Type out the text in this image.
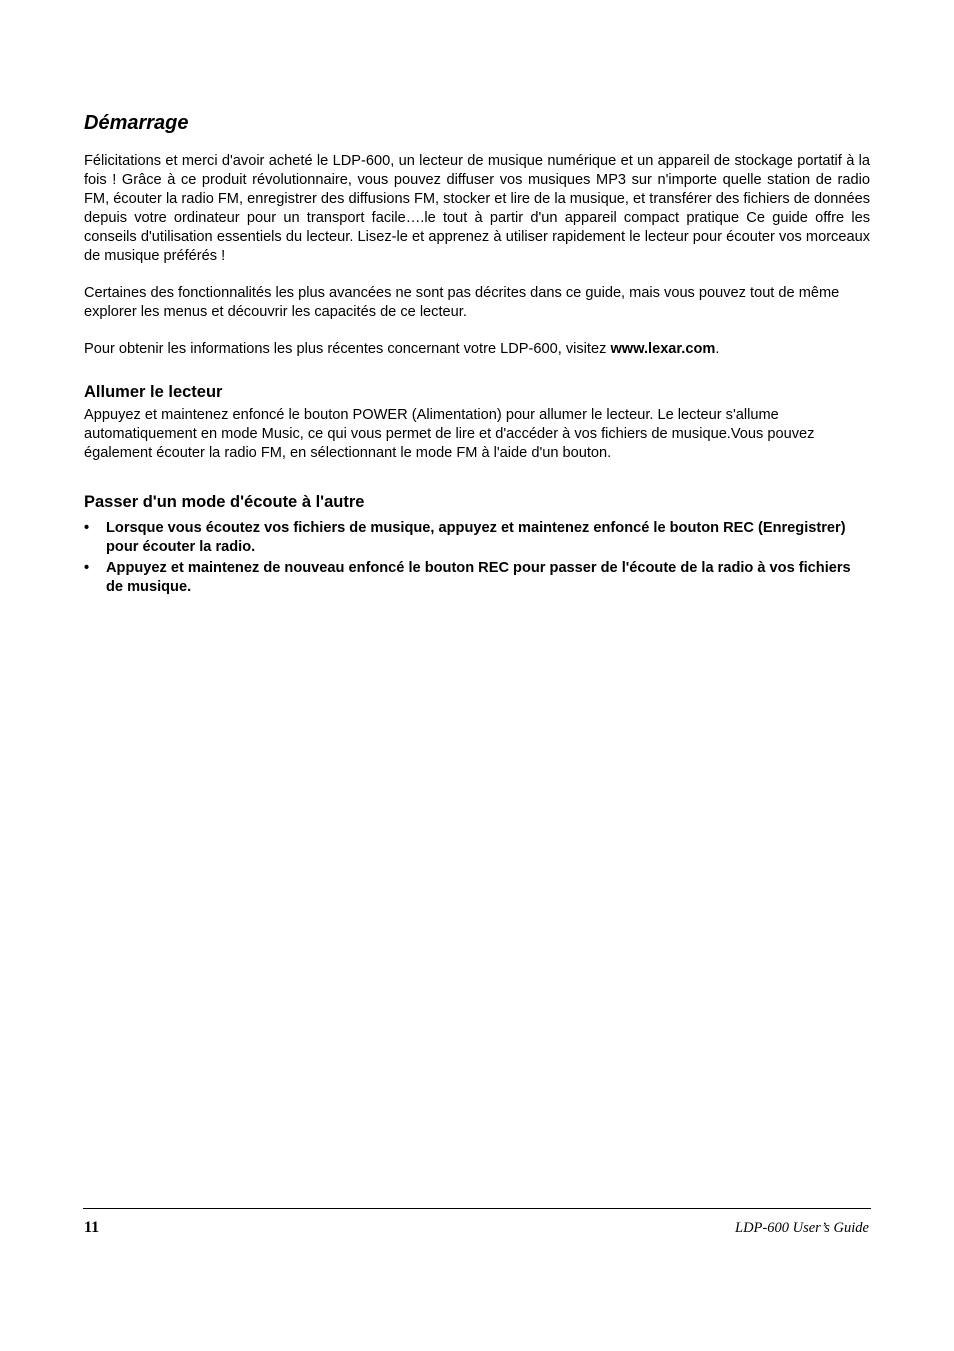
Démarrage

Félicitations et merci d'avoir acheté le LDP-600, un lecteur de musique numérique et un appareil de stockage portatif à la fois ! Grâce à ce produit révolutionnaire, vous pouvez diffuser vos musiques MP3 sur n'importe quelle station de radio FM, écouter la radio FM, enregistrer des diffusions FM, stocker et lire de la musique, et transférer des fichiers de données depuis votre ordinateur pour un transport facile….le tout à partir d'un appareil compact pratique Ce guide offre les conseils d'utilisation essentiels du lecteur. Lisez-le et apprenez à utiliser rapidement le lecteur pour écouter vos morceaux de musique préférés !

Certaines des fonctionnalités les plus avancées ne sont pas décrites dans ce guide, mais vous pouvez tout de même explorer les menus et découvrir les capacités de ce lecteur.

Pour obtenir les informations les plus récentes concernant votre LDP-600, visitez www.lexar.com.

Allumer le lecteur

Appuyez et maintenez enfoncé le bouton POWER (Alimentation) pour allumer le lecteur. Le lecteur s'allume automatiquement en mode Music, ce qui vous permet de lire et d'accéder à vos fichiers de musique.Vous pouvez également écouter la radio FM, en sélectionnant le mode FM à l'aide d'un bouton.

Passer d'un mode d'écoute à l'autre
• Lorsque vous écoutez vos fichiers de musique, appuyez et maintenez enfoncé le bouton REC (Enregistrer) pour écouter la radio.
• Appuyez et maintenez de nouveau enfoncé le bouton REC pour passer de l'écoute de la radio à vos fichiers de musique.
11	LDP-600 User’s Guide
